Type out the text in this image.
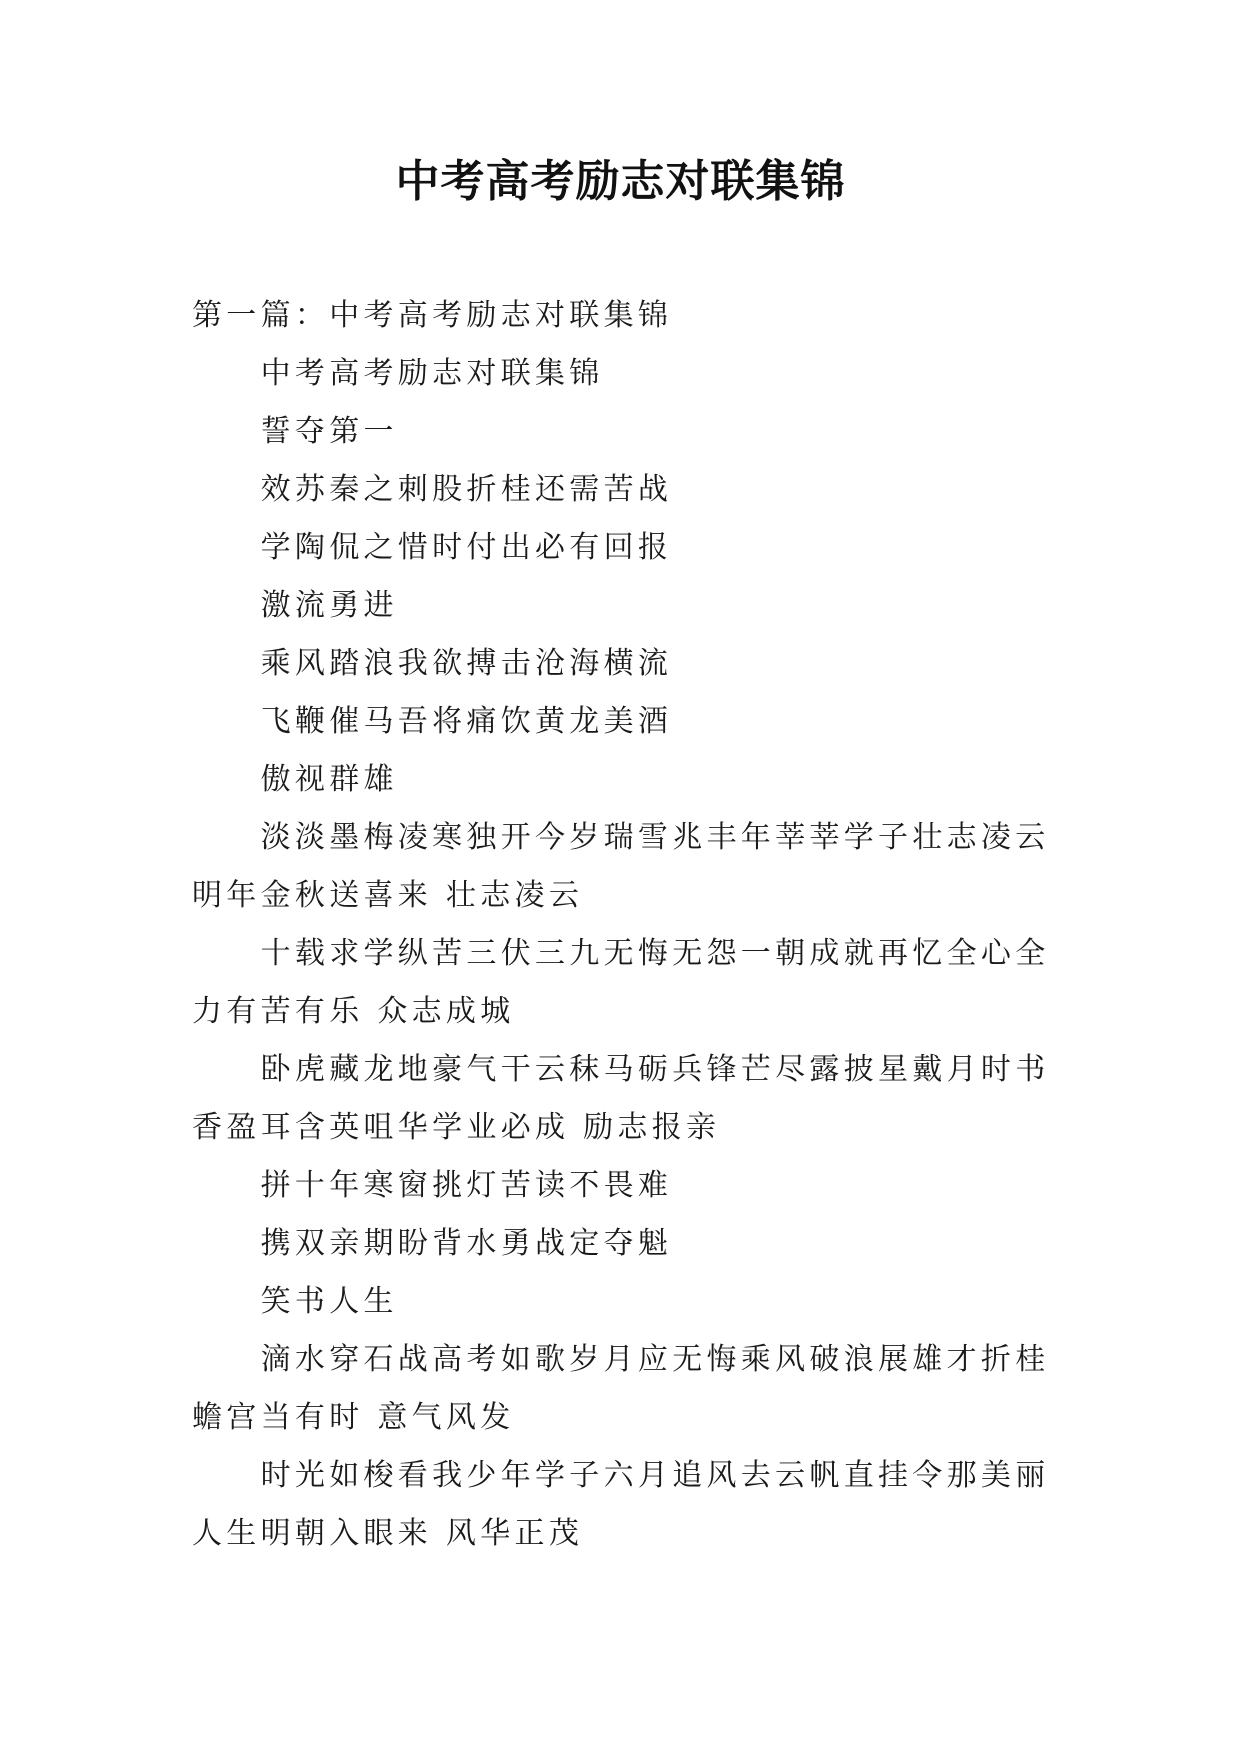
中考高考励志对联集锦

第一篇：中考高考励志对联集锦

中考高考励志对联集锦

誓夺第一

效苏秦之刺股折桂还需苦战

学陶侃之惜时付出必有回报

激流勇进

乘风踏浪我欲搏击沧海横流

飞鞭催马吾将痛饮黄龙美酒

傲视群雄

淡淡墨梅凌寒独开今岁瑞雪兆丰年莘莘学子壮志凌云明年金秋送喜来 壮志凌云

十载求学纵苦三伏三九无悔无怨一朝成就再忆全心全力有苦有乐 众志成城

卧虎藏龙地豪气干云秣马砺兵锋芒尽露披星戴月时书香盈耳含英咀华学业必成 励志报亲

拼十年寒窗挑灯苦读不畏难

携双亲期盼背水勇战定夺魁

笑书人生

滴水穿石战高考如歌岁月应无悔乘风破浪展雄才折桂蟾宫当有时 意气风发

时光如梭看我少年学子六月追风去云帆直挂令那美丽人生明朝入眼来 风华正茂
